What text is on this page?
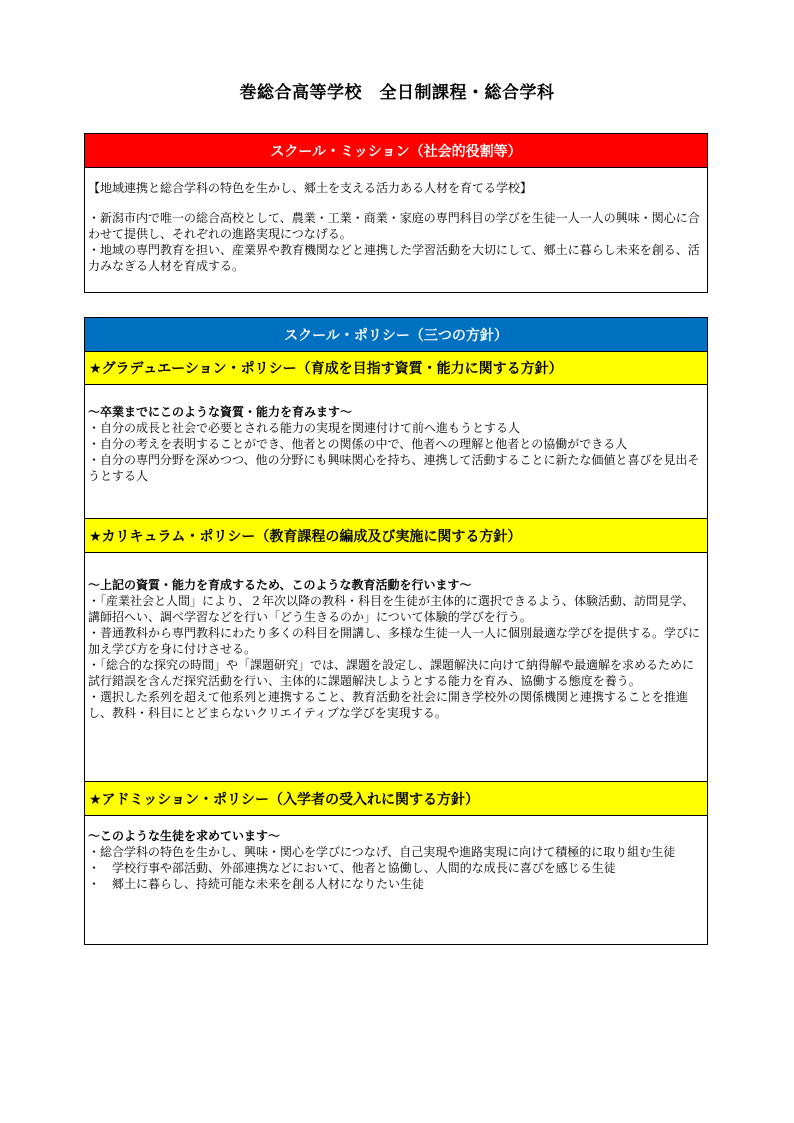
巻総合高等学校　全日制課程・総合学科
スクール・ミッション（社会的役割等）
【地域連携と総合学科の特色を生かし、郷土を支える活力ある人材を育てる学校】
・新潟市内で唯一の総合高校として、農業・工業・商業・家庭の専門科目の学びを生徒一人一人の興味・関心に合わせて提供し、それぞれの進路実現につなげる。
・地域の専門教育を担い、産業界や教育機関などと連携した学習活動を大切にして、郷土に暮らし未来を創る、活力みなぎる人材を育成する。
スクール・ポリシー（三つの方針）
★グラデュエーション・ポリシー（育成を目指す資質・能力に関する方針）
～卒業までにこのような資質・能力を育みます～
・自分の成長と社会で必要とされる能力の実現を関連付けて前へ進もうとする人
・自分の考えを表明することができ、他者との関係の中で、他者への理解と他者との協働ができる人
・自分の専門分野を深めつつ、他の分野にも興味関心を持ち、連携して活動することに新たな価値と喜びを見出そうとする人
★カリキュラム・ポリシー（教育課程の編成及び実施に関する方針）
～上記の資質・能力を育成するため、このような教育活動を行います～
・「産業社会と人間」により、２年次以降の教科・科目を生徒が主体的に選択できるよう、体験活動、訪問見学、講師招へい、調べ学習などを行い「どう生きるのか」について体験的学びを行う。
・普通教科から専門教科にわたり多くの科目を開講し、多様な生徒一人一人に個別最適な学びを提供する。学びに加え学び方を身に付けさせる。
・「総合的な探究の時間」や「課題研究」では、課題を設定し、課題解決に向けて納得解や最適解を求めるために試行錯誤を含んだ探究活動を行い、主体的に課題解決しようとする能力を育み、協働する態度を養う。
・選択した系列を超えて他系列と連携すること、教育活動を社会に開き学校外の関係機関と連携することを推進し、教科・科目にとどまらないクリエイティブな学びを実現する。
★アドミッション・ポリシー（入学者の受入れに関する方針）
～このような生徒を求めています～
・総合学科の特色を生かし、興味・関心を学びにつなげ、自己実現や進路実現に向けて積極的に取り組む生徒
・　学校行事や部活動、外部連携などにおいて、他者と協働し、人間的な成長に喜びを感じる生徒
・　郷土に暮らし、持続可能な未来を創る人材になりたい生徒
